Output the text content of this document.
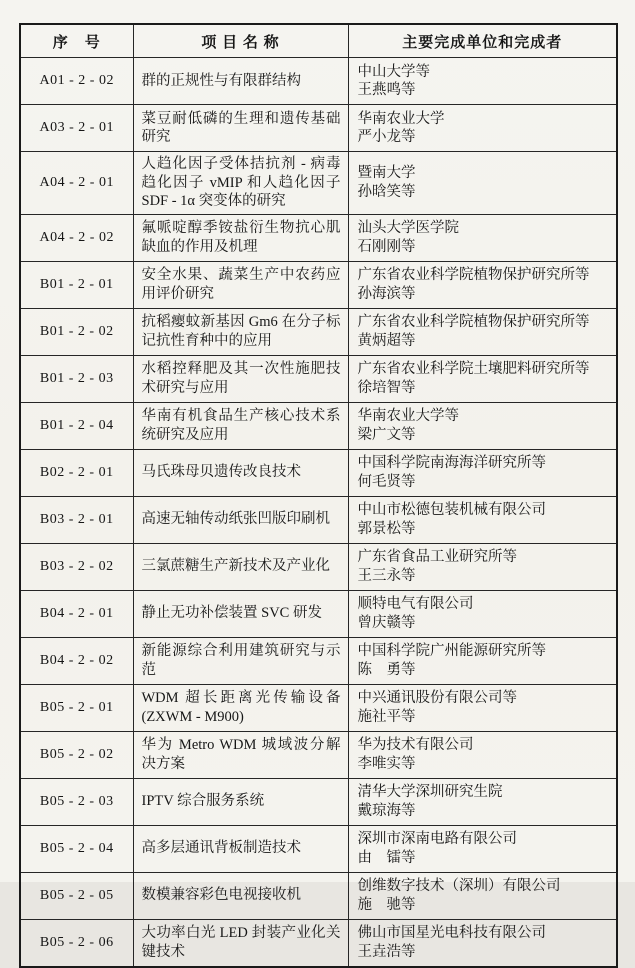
序　号	项 目 名 称	主要完成单位和完成者
A01 - 2 - 02	群的正规性与有限群结构	中山大学等
王燕鸣等

A03 - 2 - 01	菜豆耐低磷的生理和遗传基础研究	华南农业大学
严小龙等

A04 - 2 - 01	人趋化因子受体拮抗剂 - 病毒趋化因子 vMIP 和人趋化因子 SDF - 1α 突变体的研究	暨南大学
孙晗笑等

A04 - 2 - 02	氟哌啶醇季铵盐衍生物抗心肌缺血的作用及机理	汕头大学医学院
石刚刚等

B01 - 2 - 01	安全水果、蔬菜生产中农药应用评价研究	广东省农业科学院植物保护研究所等
孙海滨等

B01 - 2 - 02	抗稻瘿蚊新基因 Gm6 在分子标记抗性育种中的应用	广东省农业科学院植物保护研究所等
黄炳超等

B01 - 2 - 03	水稻控释肥及其一次性施肥技术研究与应用	广东省农业科学院土壤肥料研究所等
徐培智等

B01 - 2 - 04	华南有机食品生产核心技术系统研究及应用	华南农业大学等
梁广文等

B02 - 2 - 01	马氏珠母贝遗传改良技术	中国科学院南海海洋研究所等
何毛贤等

B03 - 2 - 01	高速无轴传动纸张凹版印刷机	中山市松德包装机械有限公司
郭景松等

B03 - 2 - 02	三氯蔗糖生产新技术及产业化	广东省食品工业研究所等
王三永等

B04 - 2 - 01	静止无功补偿装置 SVC 研发	顺特电气有限公司
曾庆赣等

B04 - 2 - 02	新能源综合利用建筑研究与示范	中国科学院广州能源研究所等
陈　勇等

B05 - 2 - 01	WDM 超长距离光传输设备 (ZXWM - M900)	中兴通讯股份有限公司等
施社平等

B05 - 2 - 02	华为 Metro WDM 城域波分解决方案	华为技术有限公司
李唯实等

B05 - 2 - 03	IPTV 综合服务系统	清华大学深圳研究生院
戴琼海等

B05 - 2 - 04	高多层通讯背板制造技术	深圳市深南电路有限公司
由　镭等

B05 - 2 - 05	数模兼容彩色电视接收机	创维数字技术（深圳）有限公司
施　驰等

B05 - 2 - 06	大功率白光 LED 封装产业化关键技术	佛山市国星光电科技有限公司
王垚浩等
